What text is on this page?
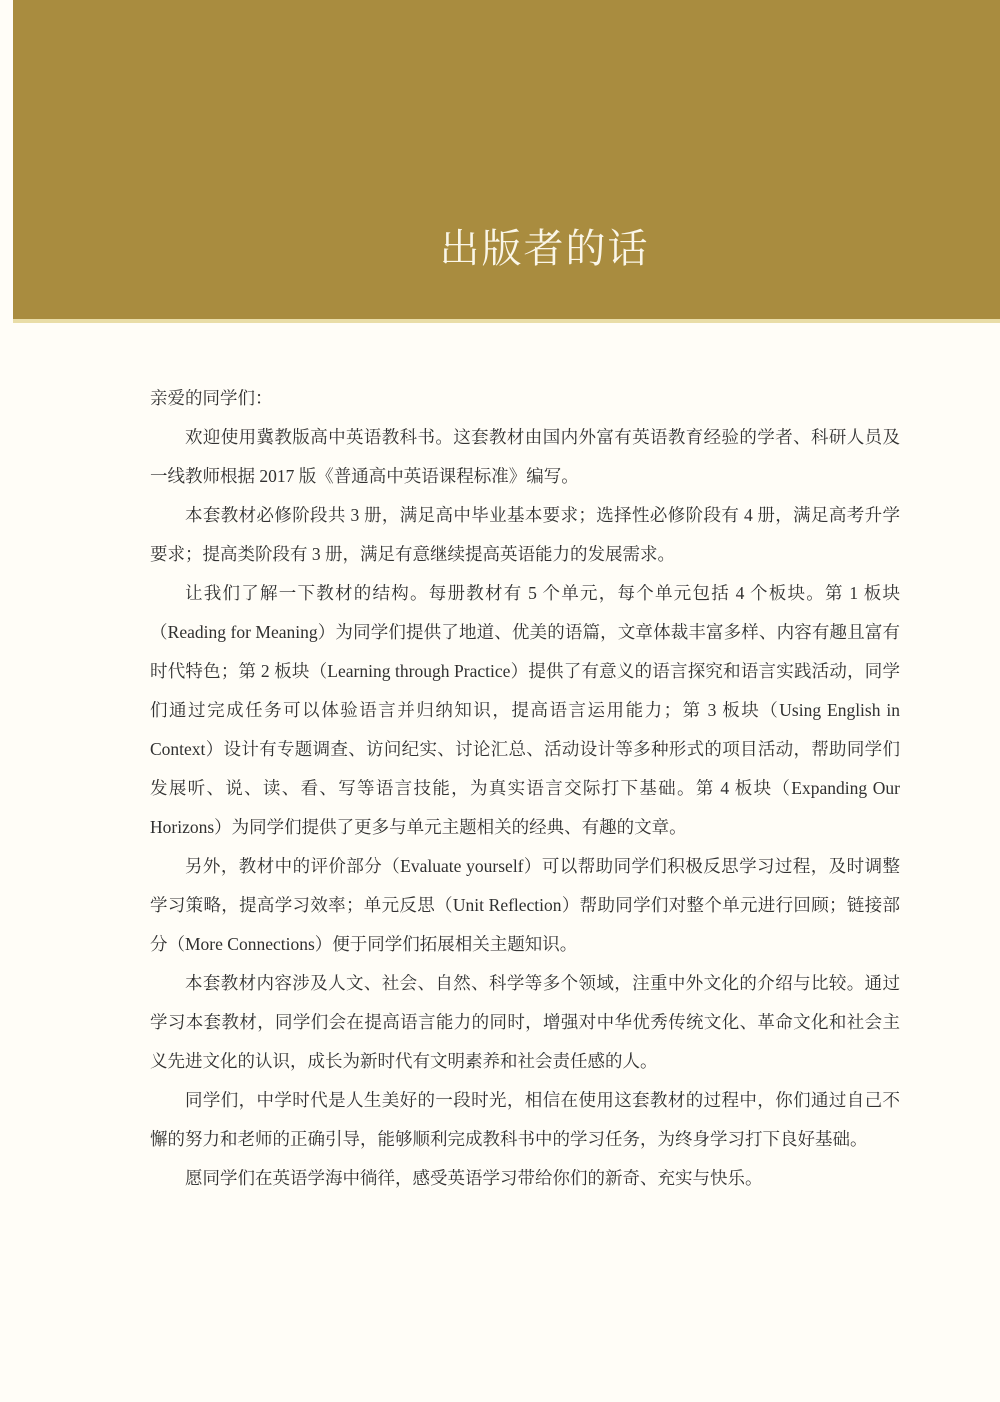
出版者的话

亲爱的同学们：

欢迎使用冀教版高中英语教科书。这套教材由国内外富有英语教育经验的学者、科研人员及一线教师根据 2017 版《普通高中英语课程标准》编写。

本套教材必修阶段共 3 册，满足高中毕业基本要求；选择性必修阶段有 4 册，满足高考升学要求；提高类阶段有 3 册，满足有意继续提高英语能力的发展需求。

让我们了解一下教材的结构。每册教材有 5 个单元，每个单元包括 4 个板块。第 1 板块（Reading for Meaning）为同学们提供了地道、优美的语篇，文章体裁丰富多样、内容有趣且富有时代特色；第 2 板块（Learning through Practice）提供了有意义的语言探究和语言实践活动，同学们通过完成任务可以体验语言并归纳知识，提高语言运用能力；第 3 板块（Using English in Context）设计有专题调查、访问纪实、讨论汇总、活动设计等多种形式的项目活动，帮助同学们发展听、说、读、看、写等语言技能，为真实语言交际打下基础。第 4 板块（Expanding Our Horizons）为同学们提供了更多与单元主题相关的经典、有趣的文章。

另外，教材中的评价部分（Evaluate yourself）可以帮助同学们积极反思学习过程，及时调整学习策略，提高学习效率；单元反思（Unit Reflection）帮助同学们对整个单元进行回顾；链接部分（More Connections）便于同学们拓展相关主题知识。

本套教材内容涉及人文、社会、自然、科学等多个领域，注重中外文化的介绍与比较。通过学习本套教材，同学们会在提高语言能力的同时，增强对中华优秀传统文化、革命文化和社会主义先进文化的认识，成长为新时代有文明素养和社会责任感的人。

同学们，中学时代是人生美好的一段时光，相信在使用这套教材的过程中，你们通过自己不懈的努力和老师的正确引导，能够顺利完成教科书中的学习任务，为终身学习打下良好基础。

愿同学们在英语学海中徜徉，感受英语学习带给你们的新奇、充实与快乐。
